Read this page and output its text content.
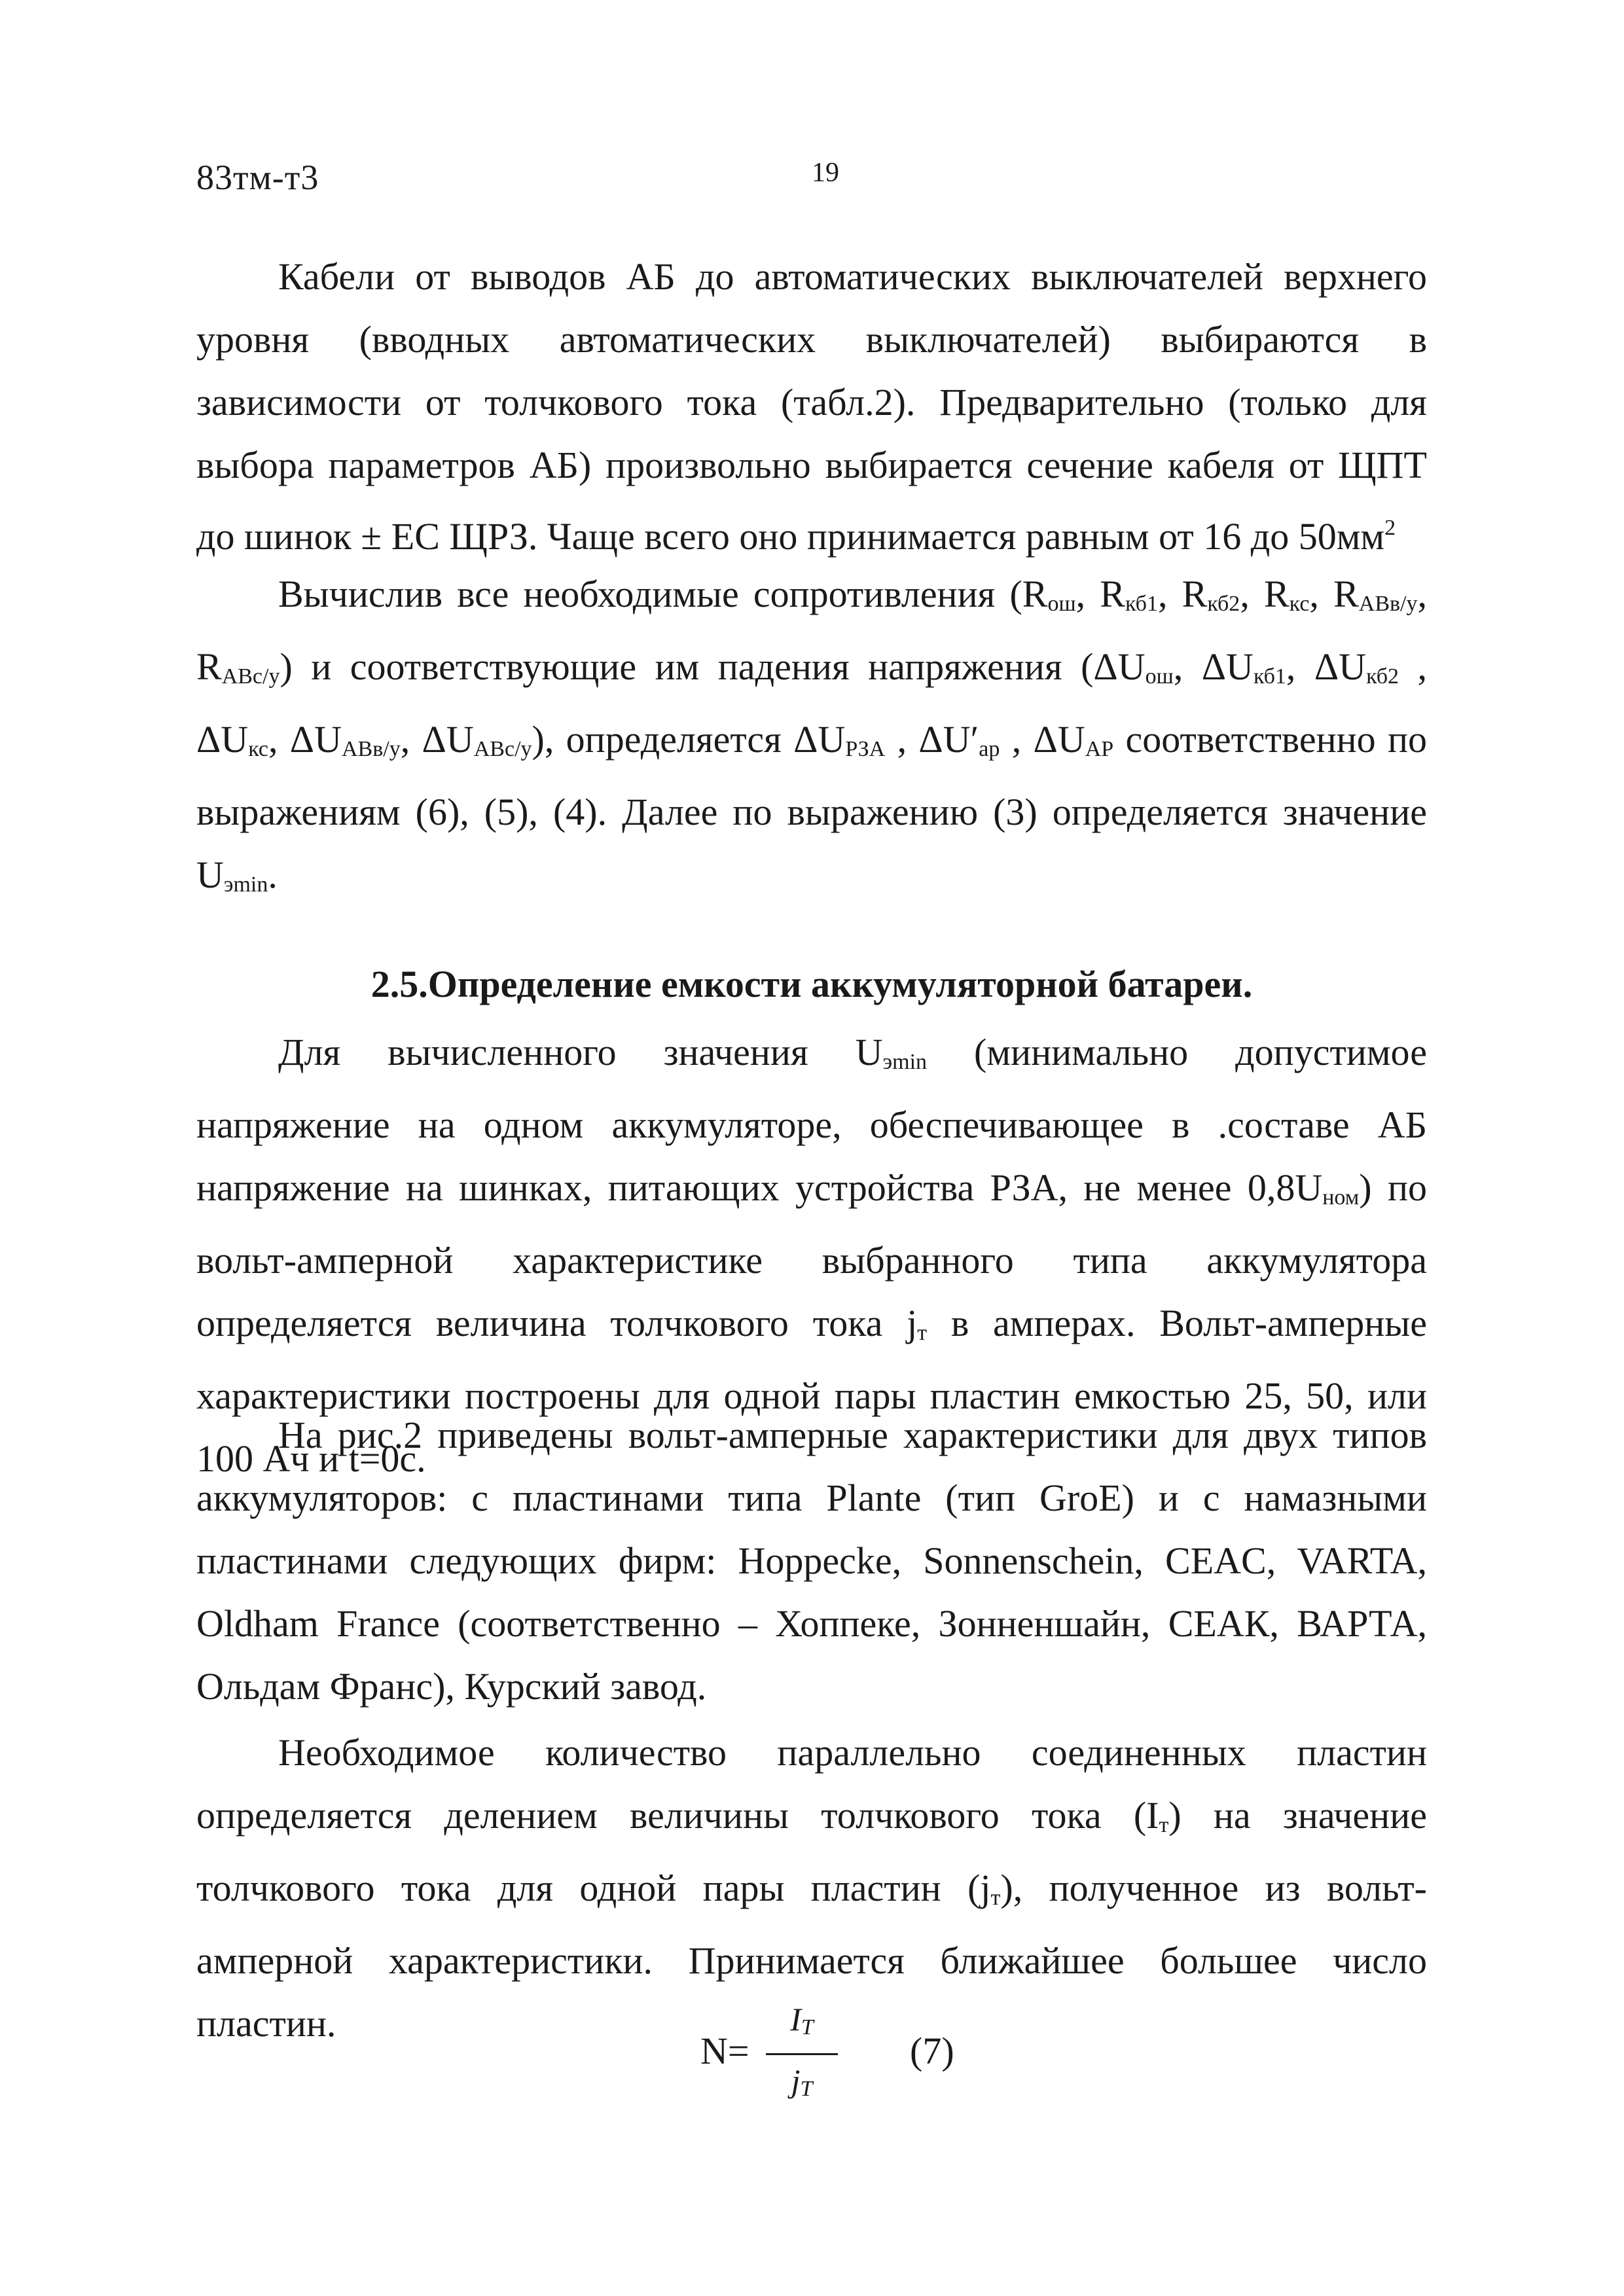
83тм-т3	19

Кабели от выводов АБ до автоматических выключателей верхнего уровня (вводных автоматических выключателей) выбираются в зависимости от толчкового тока (табл.2). Предварительно (только для выбора параметров АБ) произвольно выбирается сечение кабеля от ЩПТ до шинок ± ЕС ЩРЗ. Чаще всего оно принимается равным от 16 до $50мм^2$

Вычислив все необходимые сопротивления (Rош, Rкб1, Rкб2, Rкс, RАВв/у, RАВс/у) и соответствующие им падения напряжения (ΔUош, ΔUкб1, ΔUкб2 , ΔUкс, ΔUАВв/у, ΔUАВс/у), определяется ΔUРЗА , ΔU′ар , ΔUАР соответственно по выражениям (6), (5), (4). Далее по выражению (3) определяется значение Uэmin.

2.5.Определение емкости аккумуляторной батареи.

Для вычисленного значения Uэmin (минимально допустимое напряжение на одном аккумуляторе, обеспечивающее в .составе АБ напряжение на шинках, питающих устройства РЗА, не менее 0,8Uном) по вольт-амперной характеристике выбранного типа аккумулятора определяется величина толчкового тока jт в амперах. Вольт-амперные характеристики построены для одной пары пластин емкостью 25, 50, или 100 Ач и t=0с.

На рис.2 приведены вольт-амперные характеристики для двух типов аккумуляторов: с пластинами типа Plante (тип GroE) и с намазными пластинами следующих фирм: Hoppecke, Sonnenschein, CEAC, VARTA, Oldham France (соответственно – Хоппеке, Зонненшайн, СЕАК, ВАРТА, Ольдам Франс), Курский завод.

Необходимое количество параллельно соединенных пластин определяется делением величины толчкового тока (Iт) на значение толчкового тока для одной пары пластин (jт), полученное из вольт-амперной характеристики. Принимается ближайшее большее число пластин.

N=
IT
jT
(7)
